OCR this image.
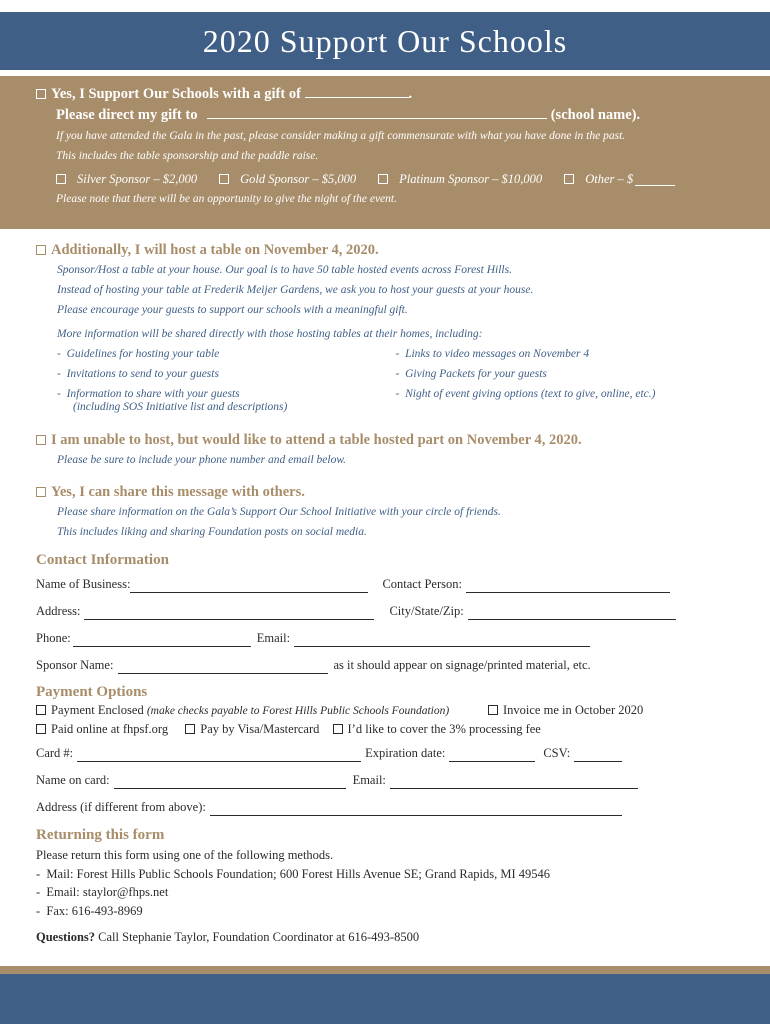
2020 Support Our Schools
Yes, I Support Our Schools with a gift of	.
Please direct my gift to	(school name).
If you have attended the Gala in the past, please consider making a gift commensurate with what you have done in the past.
This includes the table sponsorship and the paddle raise.
Silver Sponsor – $2,000	Gold Sponsor – $5,000	Platinum Sponsor – $10,000	Other – $
Please note that there will be an opportunity to give the night of the event.
Additionally, I will host a table on November 4, 2020.
Sponsor/Host a table at your house. Our goal is to have 50 table hosted events across Forest Hills.
Instead of hosting your table at Frederik Meijer Gardens, we ask you to host your guests at your house.
Please encourage your guests to support our schools with a meaningful gift.
More information will be shared directly with those hosting tables at their homes, including:
- Guidelines for hosting your table
- Invitations to send to your guests
- Information to share with your guests
(including SOS Initiative list and descriptions)
- Links to video messages on November 4
- Giving Packets for your guests
- Night of event giving options (text to give, online, etc.)
I am unable to host, but would like to attend a table hosted part on November 4, 2020.
Please be sure to include your phone number and email below.
Yes, I can share this message with others.
Please share information on the Gala’s Support Our School Initiative with your circle of friends.
This includes liking and sharing Foundation posts on social media.
Contact Information
Name of Business:	Contact Person:
Address:	City/State/Zip:
Phone:	Email:
Sponsor Name:	as it should appear on signage/printed material, etc.
Payment Options
Payment Enclosed (make checks payable to Forest Hills Public Schools Foundation)	Invoice me in October 2020
Paid online at fhpsf.org	Pay by Visa/Mastercard I’d like to cover the 3% processing fee
Card #:	Expiration date:	CSV:
Name on card:	Email:
Address (if different from above):
Returning this form
Please return this form using one of the following methods.
- Mail: Forest Hills Public Schools Foundation; 600 Forest Hills Avenue SE; Grand Rapids, MI 49546
- Email: staylor@fhps.net
- Fax: 616-493-8969
Questions? Call Stephanie Taylor, Foundation Coordinator at 616-493-8500
